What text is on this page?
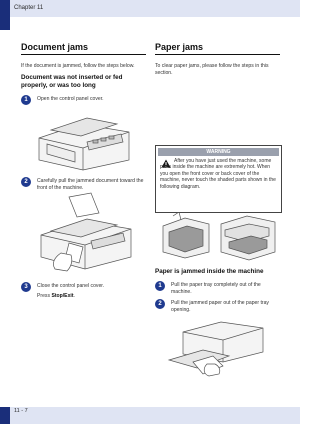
Chapter 11
Document jams

If the document is jammed, follow the steps below.

Document was not inserted or fed properly, or was too long
1	Open the control panel cover.

2	Carefully pull the jammed document toward the front of the machine.

3	Close the control panel cover.

Press Stop/Exit.

Paper jams

To clear paper jams, please follow the steps in this section.

WARNING
After you have just used the machine, some parts inside the machine are extremely hot. When you open the front cover or back cover of the machine, never touch the shaded parts shown in the following diagram.
Paper is jammed inside the machine
1	Pull the paper tray completely out of the machine.

2	Pull the jammed paper out of the paper tray opening.

11 - 7
